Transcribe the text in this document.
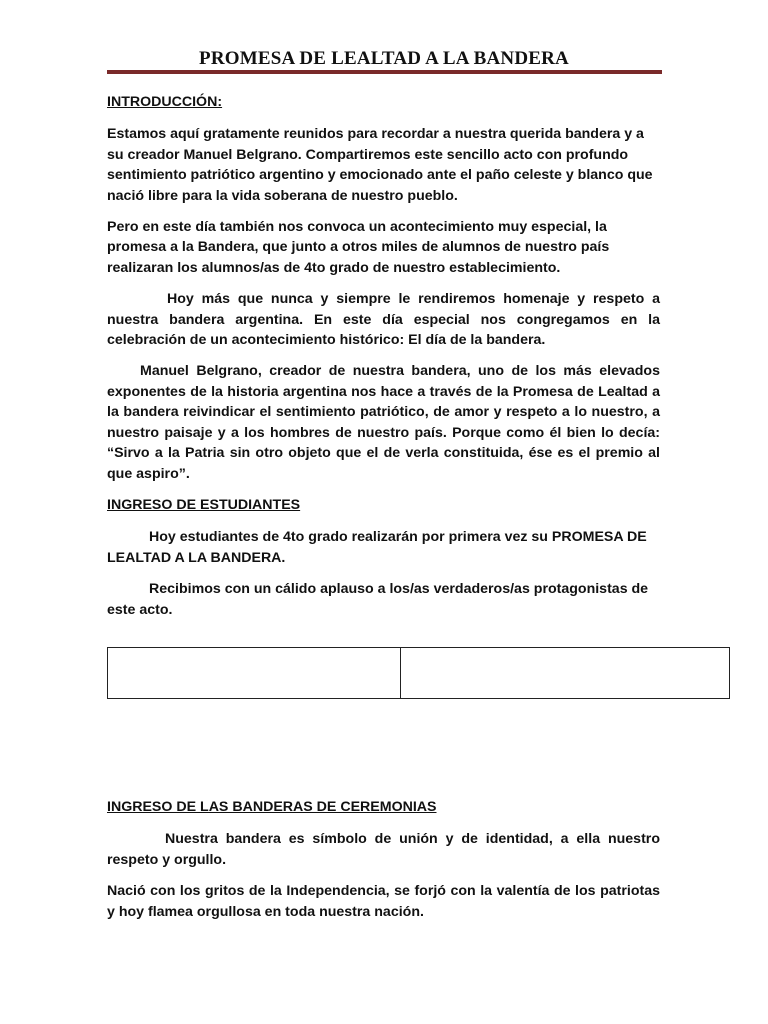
PROMESA DE LEALTAD A LA BANDERA

INTRODUCCIÓN:

Estamos aquí gratamente reunidos para recordar a nuestra querida bandera y a su creador Manuel Belgrano. Compartiremos este sencillo acto con profundo sentimiento patriótico argentino y emocionado ante el paño celeste y blanco que nació libre para la vida soberana de nuestro pueblo.

Pero en este día también nos convoca un acontecimiento muy especial, la promesa a la Bandera, que junto a otros miles de alumnos de nuestro país realizaran los alumnos/as de 4to grado de nuestro establecimiento.

Hoy más que nunca y siempre le rendiremos homenaje y respeto a nuestra bandera argentina. En este día especial nos congregamos en la celebración de un acontecimiento histórico: El día de la bandera.

Manuel Belgrano, creador de nuestra bandera, uno de los más elevados exponentes de la historia argentina nos hace a través de la Promesa de Lealtad a la bandera reivindicar el sentimiento patriótico, de amor y respeto a lo nuestro, a nuestro paisaje y a los hombres de nuestro país. Porque como él bien lo decía: “Sirvo a la Patria sin otro objeto que el de verla constituida, ése es el premio al que aspiro”.

INGRESO DE ESTUDIANTES

Hoy estudiantes de 4to grado realizarán por primera vez su PROMESA DE LEALTAD A LA BANDERA.

Recibimos con un cálido aplauso a los/as verdaderos/as protagonistas de este acto.

INGRESO DE LAS BANDERAS DE CEREMONIAS

Nuestra bandera es símbolo de unión y de identidad, a ella nuestro respeto y orgullo.

Nació con los gritos de la Independencia, se forjó con la valentía de los patriotas y hoy flamea orgullosa en toda nuestra nación.
